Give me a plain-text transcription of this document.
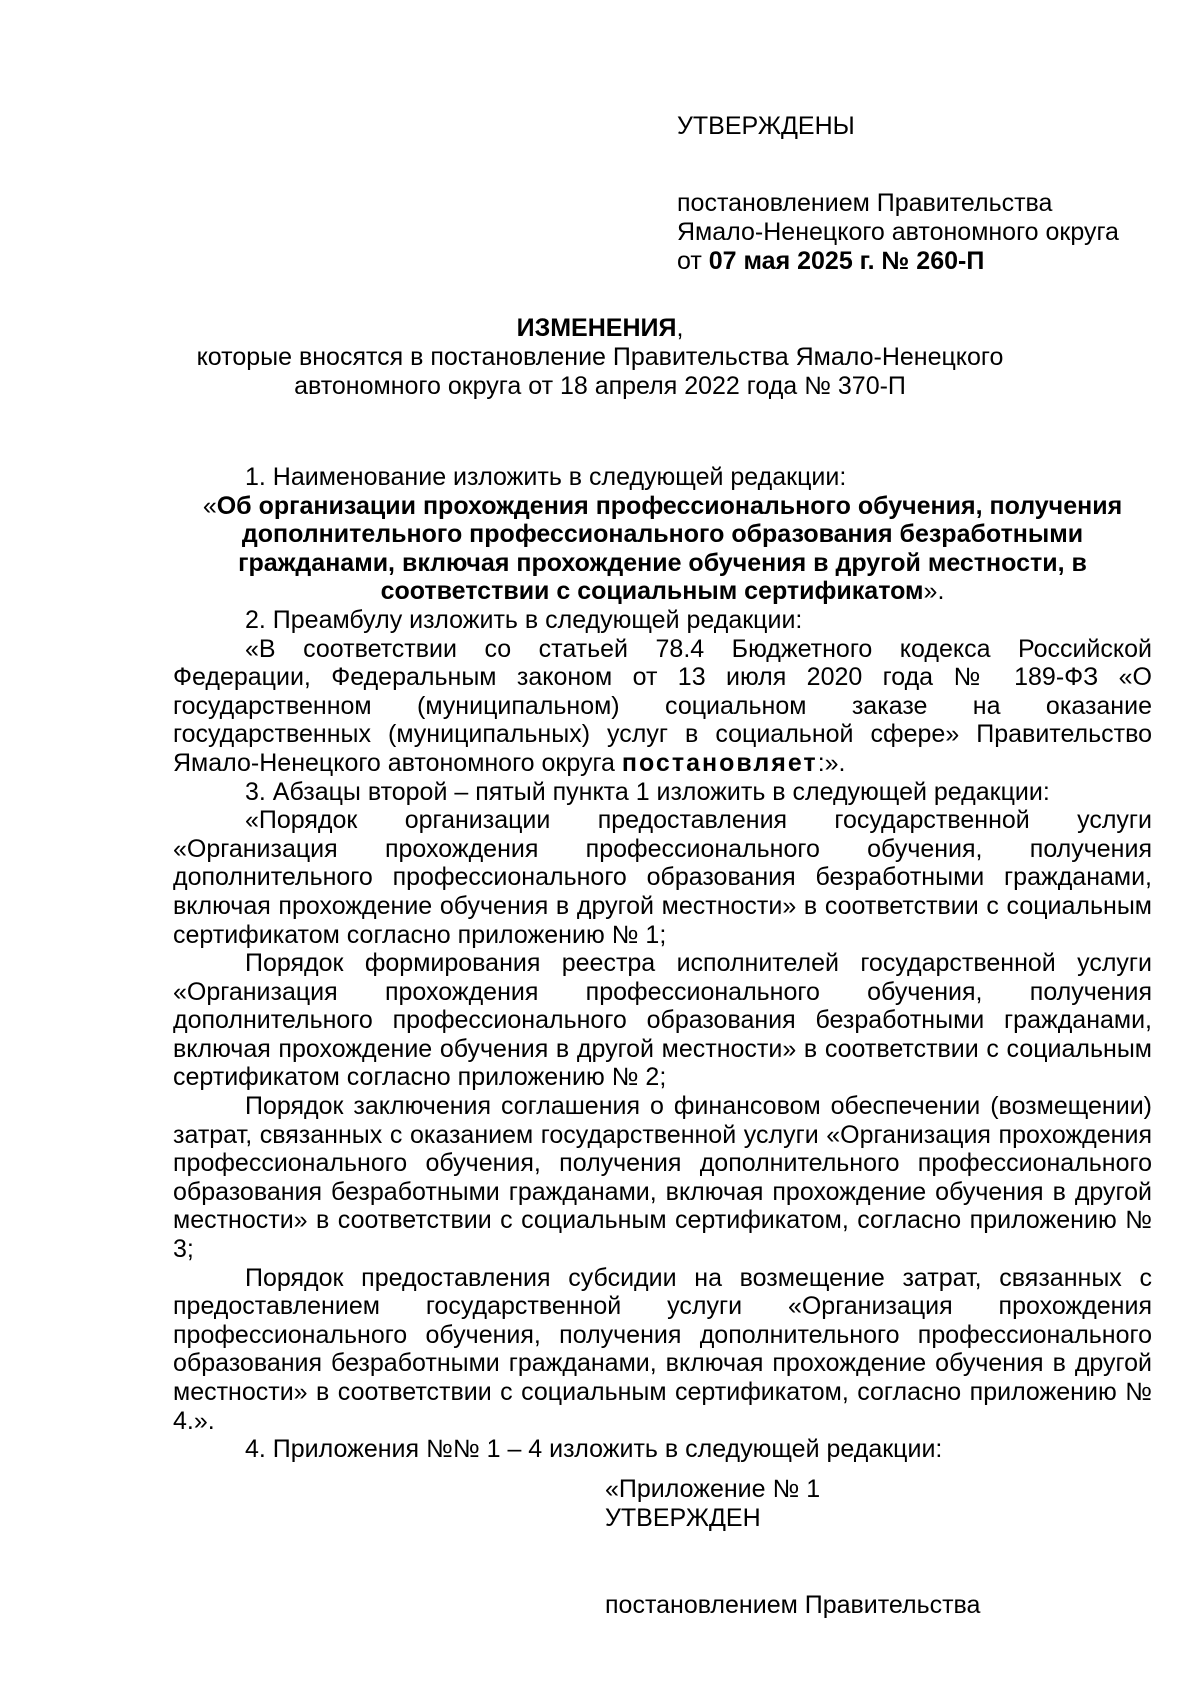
УТВЕРЖДЕНЫ
постановлением Правительства
Ямало-Ненецкого автономного округа
от 07 мая 2025 г. № 260-П
ИЗМЕНЕНИЯ,
которые вносятся в постановление Правительства Ямало-Ненецкого
автономного округа от 18 апреля 2022 года № 370-П

1. Наименование изложить в следующей редакции:

«Об организации прохождения профессионального обучения, получения дополнительного профессионального образования безработными гражданами, включая прохождение обучения в другой местности, в соответствии с социальным сертификатом».

2. Преамбулу изложить в следующей редакции:

«В соответствии со статьей 78.4 Бюджетного кодекса Российской Федерации, Федеральным законом от 13 июля 2020 года № 189-ФЗ «О государственном (муниципальном) социальном заказе на оказание государственных (муниципальных) услуг в социальной сфере» Правительство Ямало-Ненецкого автономного округа постановляет:».

3. Абзацы второй – пятый пункта 1 изложить в следующей редакции:

«Порядок организации предоставления государственной услуги «Организация прохождения профессионального обучения, получения дополнительного профессионального образования безработными гражданами, включая прохождение обучения в другой местности» в соответствии с социальным сертификатом согласно приложению № 1;

Порядок формирования реестра исполнителей государственной услуги «Организация прохождения профессионального обучения, получения дополнительного профессионального образования безработными гражданами, включая прохождение обучения в другой местности» в соответствии с социальным сертификатом согласно приложению № 2;

Порядок заключения соглашения о финансовом обеспечении (возмещении) затрат, связанных с оказанием государственной услуги «Организация прохождения профессионального обучения, получения дополнительного профессионального образования безработными гражданами, включая прохождение обучения в другой местности» в соответствии с социальным сертификатом, согласно приложению № 3;

Порядок предоставления субсидии на возмещение затрат, связанных с предоставлением государственной услуги «Организация прохождения профессионального обучения, получения дополнительного профессионального образования безработными гражданами, включая прохождение обучения в другой местности» в соответствии с социальным сертификатом, согласно приложению № 4.».

4. Приложения №№ 1 – 4 изложить в следующей редакции:

«Приложение № 1
УТВЕРЖДЕН
постановлением Правительства
